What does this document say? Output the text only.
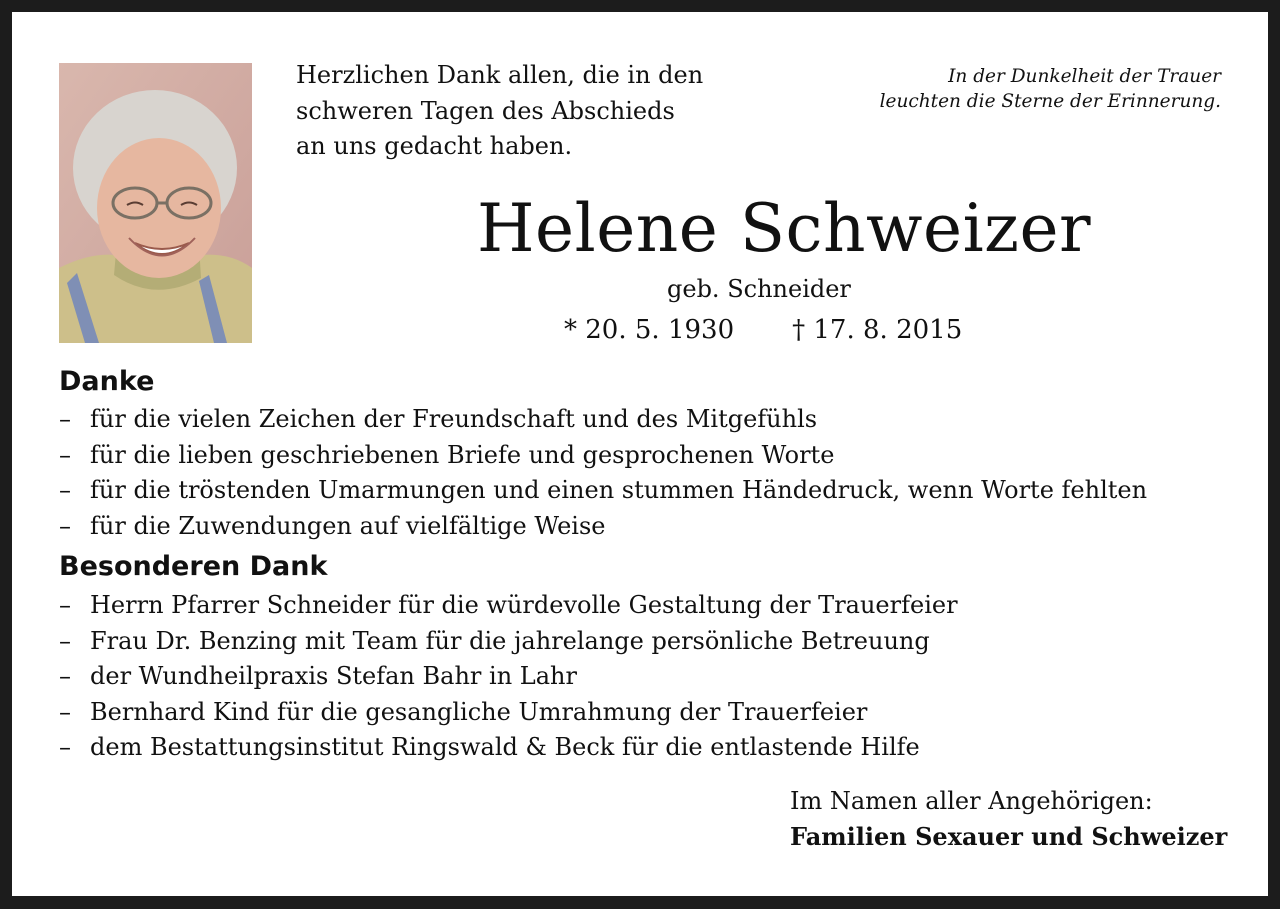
Herzlichen Dank allen, die in den
schweren Tagen des Abschieds
an uns gedacht haben.

In der Dunkelheit der Trauer
leuchten die Sterne der Erinnerung.

Helene Schweizer

geb. Schneider

* 20. 5. 1930 † 17. 8. 2015

Danke
– für die vielen Zeichen der Freundschaft und des Mitgefühls
– für die lieben geschriebenen Briefe und gesprochenen Worte
– für die tröstenden Umarmungen und einen stummen Händedruck, wenn Worte fehlten
– für die Zuwendungen auf vielfältige Weise
Besonderen Dank
– Herrn Pfarrer Schneider für die würdevolle Gestaltung der Trauerfeier
– Frau Dr. Benzing mit Team für die jahrelange persönliche Betreuung
– der Wundheilpraxis Stefan Bahr in Lahr
– Bernhard Kind für die gesangliche Umrahmung der Trauerfeier
– dem Bestattungsinstitut Ringswald & Beck für die entlastende Hilfe

Im Namen aller Angehörigen:
Familien Sexauer und Schweizer
